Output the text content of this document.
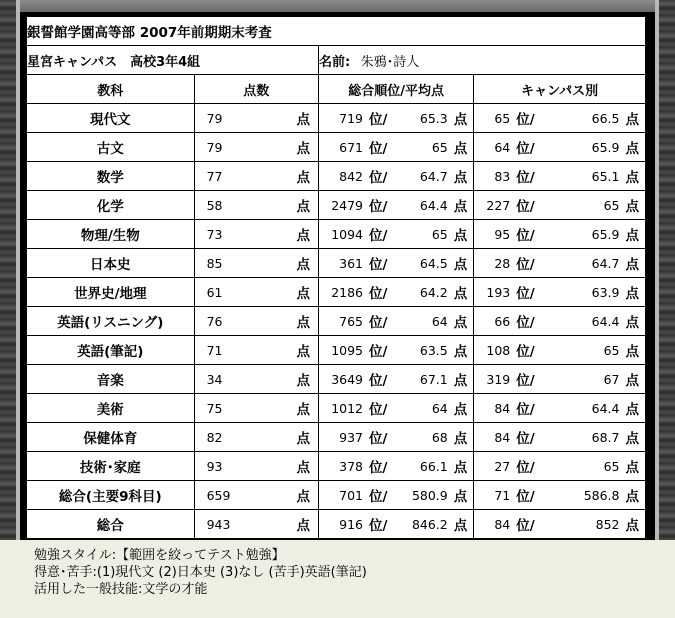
銀誓館学園高等部 2007年前期期末考査			
星宮キャンパス　高校3年4組		名前: 朱鴉･詩人	
教科	点数	総合順位/平均点	キャンパス別
現代文	79 点	719 位/ 65.3 点	65 位/ 66.5 点

古文	79 点	671 位/ 65 点	64 位/ 65.9 点

数学	77 点	842 位/ 64.7 点	83 位/ 65.1 点

化学	58 点	2479 位/ 64.4 点	227 位/ 65 点

物理/生物	73 点	1094 位/ 65 点	95 位/ 65.9 点

日本史	85 点	361 位/ 64.5 点	28 位/ 64.7 点

世界史/地理	61 点	2186 位/ 64.2 点	193 位/ 63.9 点

英語(リスニング)	76 点	765 位/ 64 点	66 位/ 64.4 点

英語(筆記)	71 点	1095 位/ 63.5 点	108 位/ 65 点

音楽	34 点	3649 位/ 67.1 点	319 位/ 67 点

美術	75 点	1012 位/ 64 点	84 位/ 64.4 点

保健体育	82 点	937 位/ 68 点	84 位/ 68.7 点

技術･家庭	93 点	378 位/ 66.1 点	27 位/ 65 点

総合(主要9科目)	659 点	701 位/ 580.9 点	71 位/ 586.8 点

総合	943 点	916 位/ 846.2 点	84 位/ 852 点
勉強スタイル:【範囲を絞ってテスト勉強】
得意･苦手:(1)現代文 (2)日本史 (3)なし (苦手)英語(筆記)
活用した一般技能:文学の才能
